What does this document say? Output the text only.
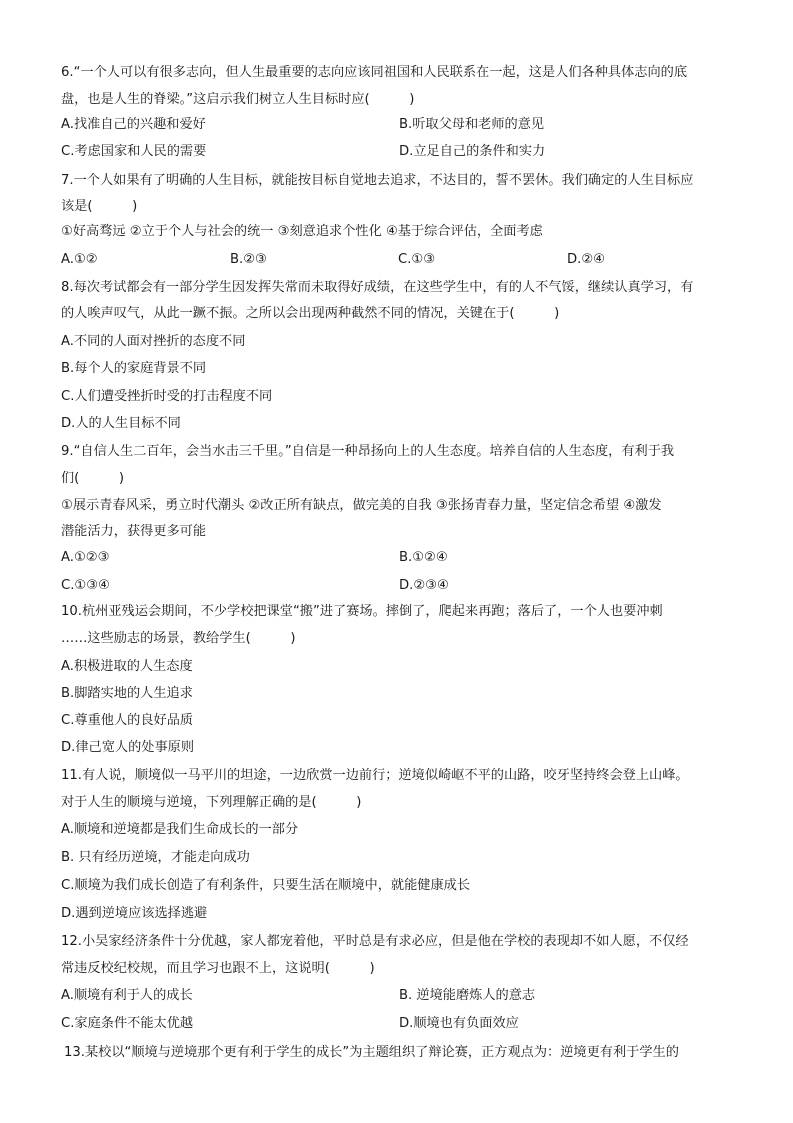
6.“一个人可以有很多志向，但人生最重要的志向应该同祖国和人民联系在一起，这是人们各种具体志向的底
盘，也是人生的脊梁。”这启示我们树立人生目标时应(　　　)
A.找准自己的兴趣和爱好	B.听取父母和老师的意见
C.考虑国家和人民的需要	D.立足自己的条件和实力
7.一个人如果有了明确的人生目标，就能按目标自觉地去追求，不达目的，誓不罢休。我们确定的人生目标应
该是(　　　)
①好高骛远 ②立于个人与社会的统一 ③刻意追求个性化 ④基于综合评估，全面考虑
A.①②	B.②③	C.①③	D.②④
8.每次考试都会有一部分学生因发挥失常而未取得好成绩，在这些学生中，有的人不气馁，继续认真学习，有
的人唉声叹气，从此一蹶不振。之所以会出现两种截然不同的情况，关键在于(　　　)
A.不同的人面对挫折的态度不同
B.每个人的家庭背景不同
C.人们遭受挫折时受的打击程度不同
D.人的人生目标不同
9.“自信人生二百年，会当水击三千里。”自信是一种昂扬向上的人生态度。培养自信的人生态度，有利于我
们(　　　)
①展示青春风采，勇立时代潮头 ②改正所有缺点，做完美的自我 ③张扬青春力量，坚定信念希望 ④激发
潜能活力，获得更多可能
A.①②③	B.①②④
C.①③④	D.②③④
10.杭州亚残运会期间，不少学校把课堂“搬”进了赛场。摔倒了，爬起来再跑；落后了，一个人也要冲刺
……这些励志的场景，教给学生(　　　)
A.积极进取的人生态度
B.脚踏实地的人生追求
C.尊重他人的良好品质
D.律己宽人的处事原则
11.有人说，顺境似一马平川的坦途，一边欣赏一边前行；逆境似崎岖不平的山路，咬牙坚持终会登上山峰。
对于人生的顺境与逆境，下列理解正确的是(　　　)
A.顺境和逆境都是我们生命成长的一部分
B. 只有经历逆境，才能走向成功
C.顺境为我们成长创造了有利条件，只要生活在顺境中，就能健康成长
D.遇到逆境应该选择逃避
12.小吴家经济条件十分优越，家人都宠着他，平时总是有求必应，但是他在学校的表现却不如人愿，不仅经
常违反校纪校规，而且学习也跟不上，这说明(　　　)
A.顺境有利于人的成长	B. 逆境能磨炼人的意志
C.家庭条件不能太优越	D.顺境也有负面效应
13.某校以“顺境与逆境那个更有利于学生的成长”为主题组织了辩论赛，正方观点为：逆境更有利于学生的
